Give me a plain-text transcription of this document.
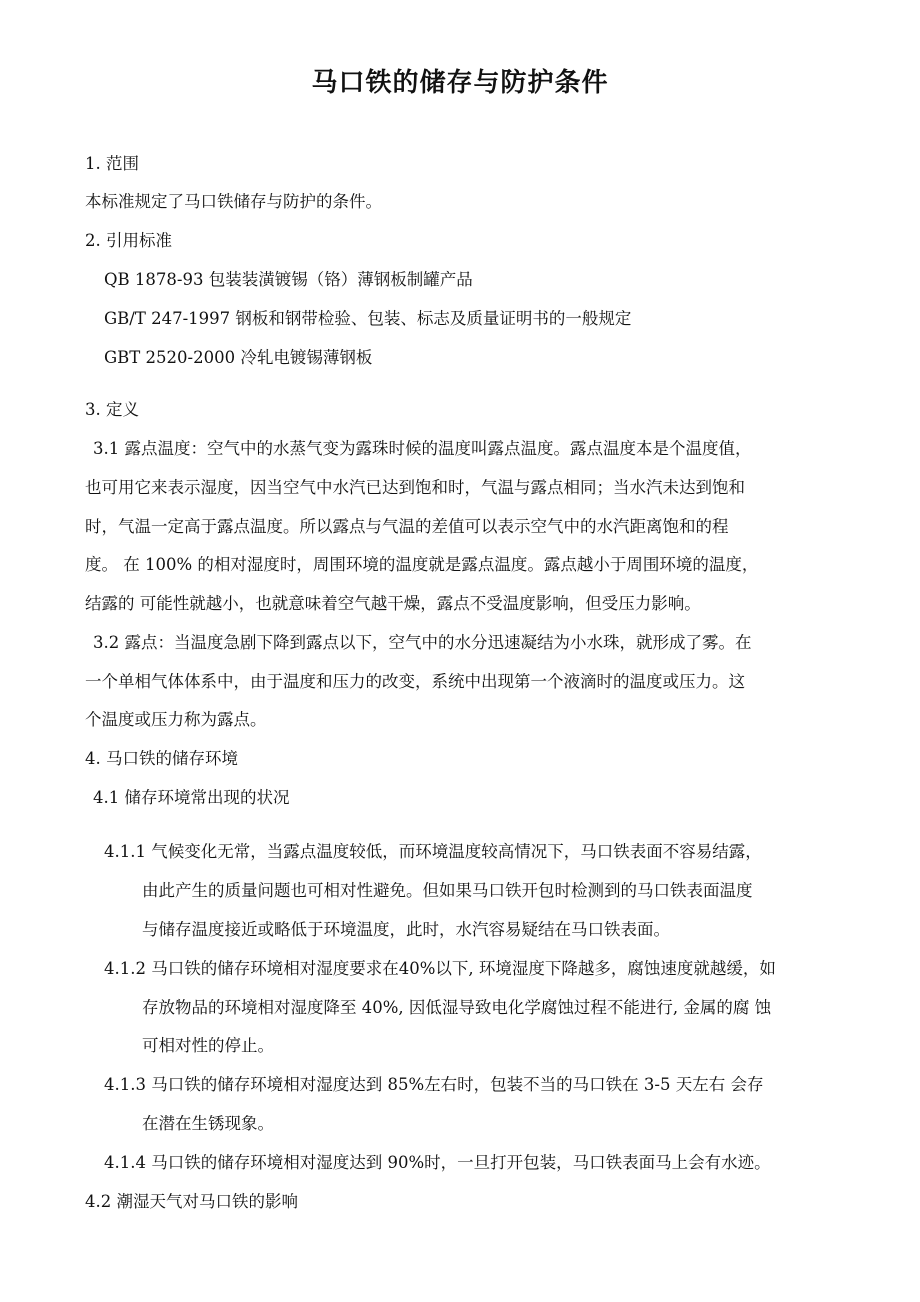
马口铁的储存与防护条件
1. 范围
本标准规定了马口铁储存与防护的条件。
2. 引用标准
QB 1878-93 包装装潢镀锡（铬）薄钢板制罐产品
GB/T 247-1997 钢板和钢带检验、包装、标志及质量证明书的一般规定
GBT 2520-2000 冷轧电镀锡薄钢板
3. 定义
3.1 露点温度：空气中的水蒸气变为露珠时候的温度叫露点温度。露点温度本是个温度值，
也可用它来表示湿度，因当空气中水汽已达到饱和时，气温与露点相同；当水汽未达到饱和
时，气温一定高于露点温度。所以露点与气温的差值可以表示空气中的水汽距离饱和的程
度。 在 100% 的相对湿度时，周围环境的温度就是露点温度。露点越小于周围环境的温度，
结露的 可能性就越小，也就意味着空气越干燥，露点不受温度影响，但受压力影响。
3.2 露点：当温度急剧下降到露点以下，空气中的水分迅速凝结为小水珠，就形成了雾。在
一个单相气体体系中，由于温度和压力的改变，系统中出现第一个液滴时的温度或压力。这
个温度或压力称为露点。
4. 马口铁的储存环境
4.1 储存环境常出现的状况
4.1.1 气候变化无常，当露点温度较低，而环境温度较高情况下，马口铁表面不容易结露，
由此产生的质量问题也可相对性避免。但如果马口铁开包时检测到的马口铁表面温度
与储存温度接近或略低于环境温度，此时，水汽容易疑结在马口铁表面。
4.1.2 马口铁的储存环境相对湿度要求在40%以下, 环境湿度下降越多，腐蚀速度就越缓，如
存放物品的环境相对湿度降至 40%, 因低湿导致电化学腐蚀过程不能进行, 金属的腐 蚀
可相对性的停止。
4.1.3 马口铁的储存环境相对湿度达到 85%左右时，包装不当的马口铁在 3-5 天左右 会存
在潜在生锈现象。
4.1.4 马口铁的储存环境相对湿度达到 90%时，一旦打开包装，马口铁表面马上会有水迹。
4.2 潮湿天气对马口铁的影响
